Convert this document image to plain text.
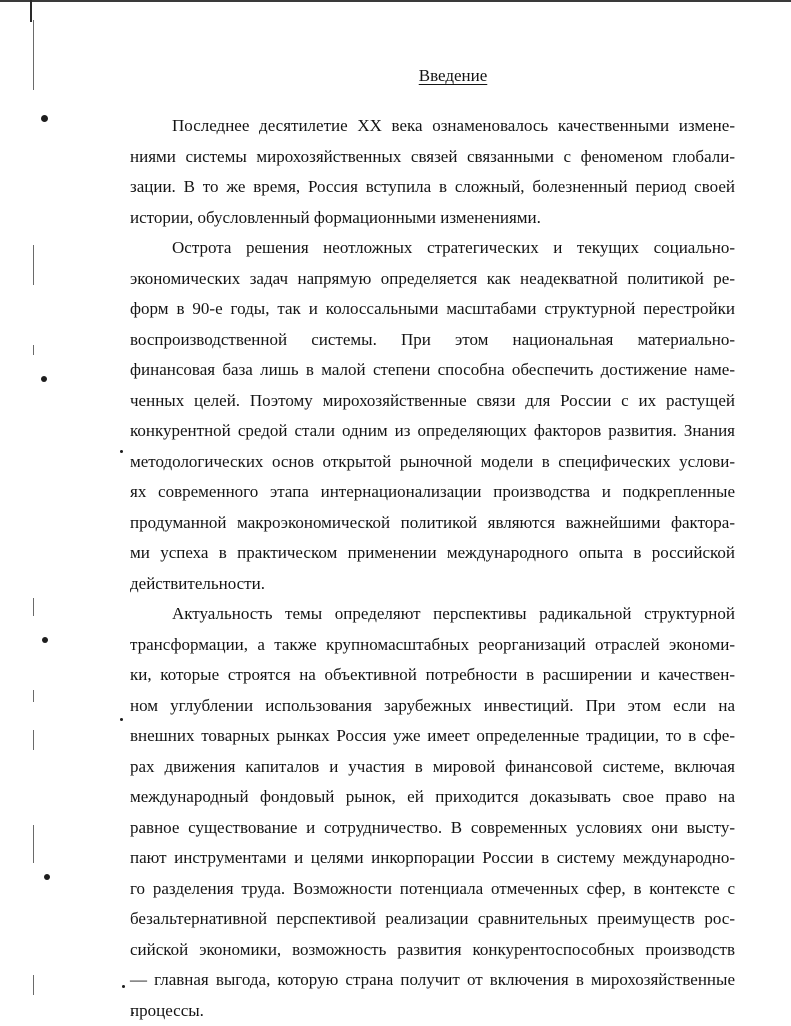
Введение

Последнее десятилетие XX века ознаменовалось качественными измене-
ниями системы мирохозяйственных связей связанными с феноменом глобали-
зации. В то же время, Россия вступила в сложный, болезненный период своей
истории, обусловленный формационными изменениями.

Острота решения неотложных стратегических и текущих социально-
экономических задач напрямую определяется как неадекватной политикой ре-
форм в 90-е годы, так и колоссальными масштабами структурной перестройки
воспроизводственной системы. При этом национальная материально-
финансовая база лишь в малой степени способна обеспечить достижение наме-
ченных целей. Поэтому мирохозяйственные связи для России с их растущей
конкурентной средой стали одним из определяющих факторов развития. Знания
методологических основ открытой рыночной модели в специфических услови-
ях современного этапа интернационализации производства и подкрепленные
продуманной макроэкономической политикой являются важнейшими фактора-
ми успеха в практическом применении международного опыта в российской
действительности.

Актуальность темы определяют перспективы радикальной структурной
трансформации, а также крупномасштабных реорганизаций отраслей экономи-
ки, которые строятся на объективной потребности в расширении и качествен-
ном углублении использования зарубежных инвестиций. При этом если на
внешних товарных рынках Россия уже имеет определенные традиции, то в сфе-
рах движения капиталов и участия в мировой финансовой системе, включая
международный фондовый рынок, ей приходится доказывать свое право на
равное существование и сотрудничество. В современных условиях они высту-
пают инструментами и целями инкорпорации России в систему международно-
го разделения труда. Возможности потенциала отмеченных сфер, в контексте с
безальтернативной перспективой реализации сравнительных преимуществ рос-
сийской экономики, возможность развития конкурентоспособных производств
— главная выгода, которую страна получит от включения в мирохозяйственные
процессы.
